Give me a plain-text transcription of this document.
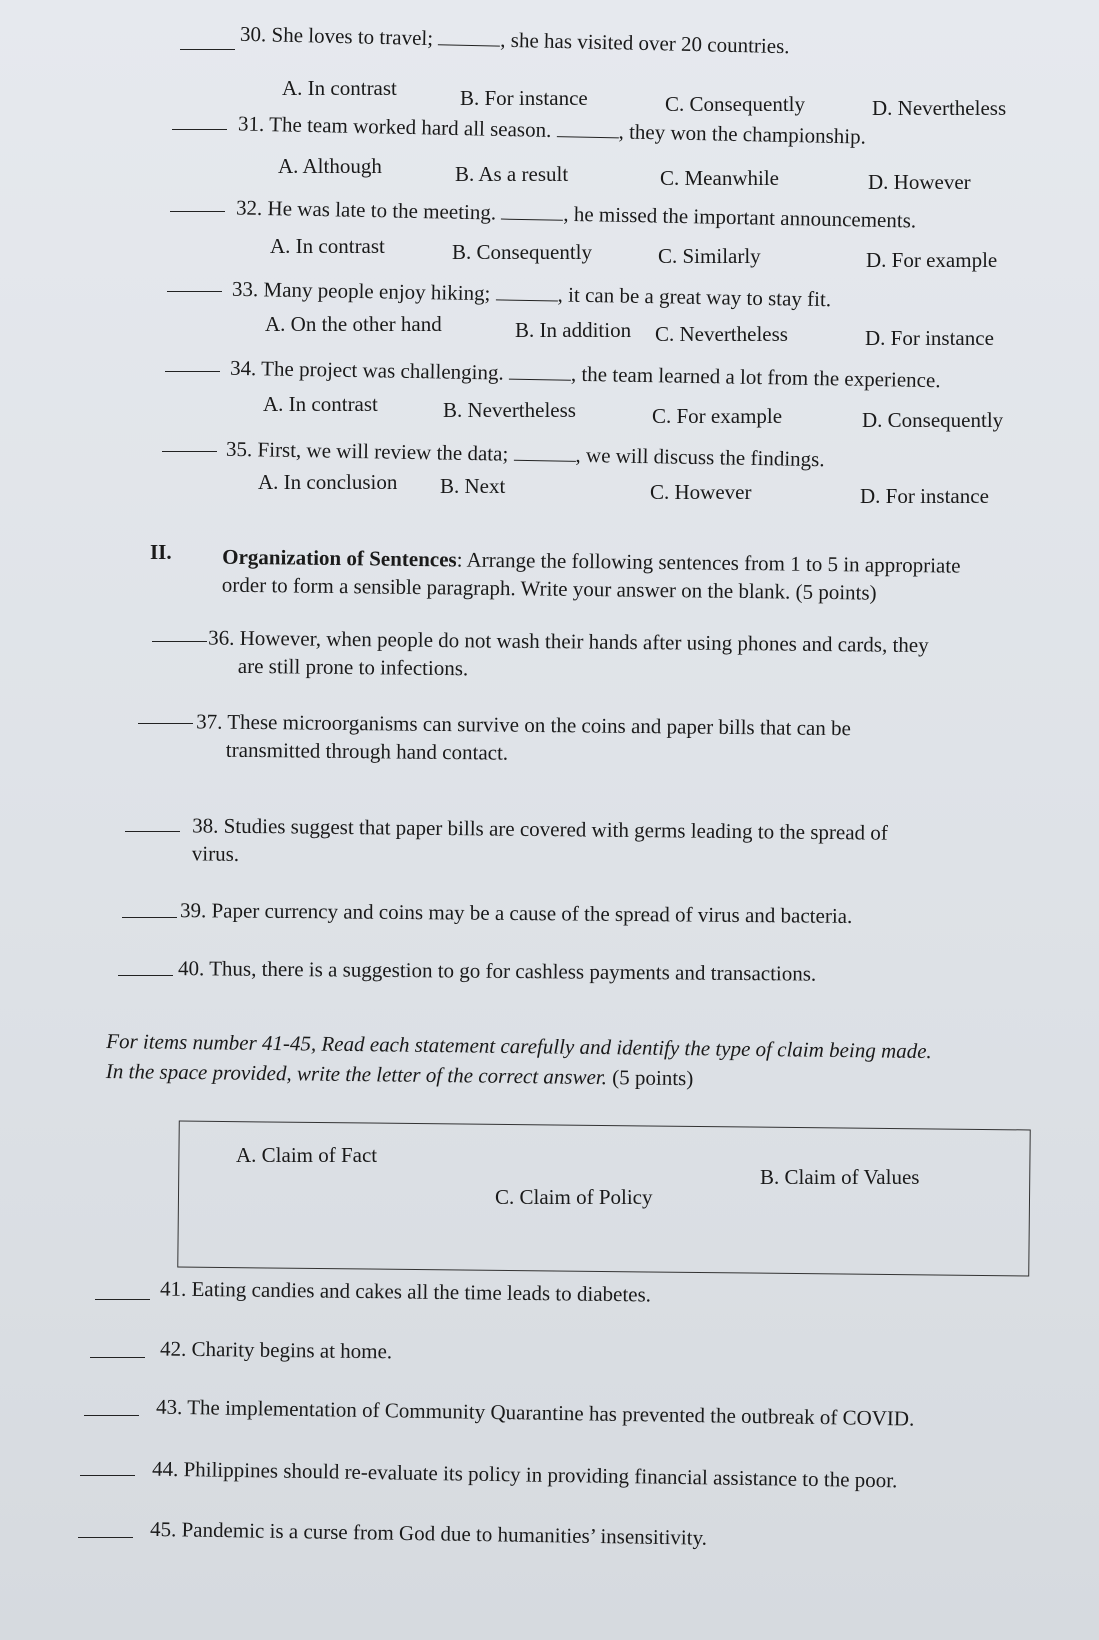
30. She loves to travel;	, she has visited over 20 countries.
A. In contrast	B. For instance	C. Consequently	D. Nevertheless
31. The team worked hard all season.	, they won the championship.
A. Although	B. As a result	C. Meanwhile	D. However
32. He was late to the meeting.	, he missed the important announcements.
A. In contrast	B. Consequently	C. Similarly	D. For example
33. Many people enjoy hiking;	, it can be a great way to stay fit.
A. On the other hand	B. In addition C. Nevertheless	D. For instance
34. The project was challenging.	, the team learned a lot from the experience.
A. In contrast	B. Nevertheless	C. For example	D. Consequently
35. First, we will review the data;	, we will discuss the findings.
A. In conclusion B. Next	C. However	D. For instance
II. Organization of Sentences: Arrange the following sentences from 1 to 5 in appropriate
order to form a sensible paragraph. Write your answer on the blank. (5 points)
36. However, when people do not wash their hands after using phones and cards, they
are still prone to infections.
37. These microorganisms can survive on the coins and paper bills that can be
transmitted through hand contact.
38. Studies suggest that paper bills are covered with germs leading to the spread of
virus.
39. Paper currency and coins may be a cause of the spread of virus and bacteria.
40. Thus, there is a suggestion to go for cashless payments and transactions.
For items number 41-45, Read each statement carefully and identify the type of claim being made.
In the space provided, write the letter of the correct answer. (5 points)
A. Claim of Fact
B. Claim of Values
C. Claim of Policy
41. Eating candies and cakes all the time leads to diabetes.
42. Charity begins at home.
43. The implementation of Community Quarantine has prevented the outbreak of COVID.
44. Philippines should re-evaluate its policy in providing financial assistance to the poor.
45. Pandemic is a curse from God due to humanities’ insensitivity.
